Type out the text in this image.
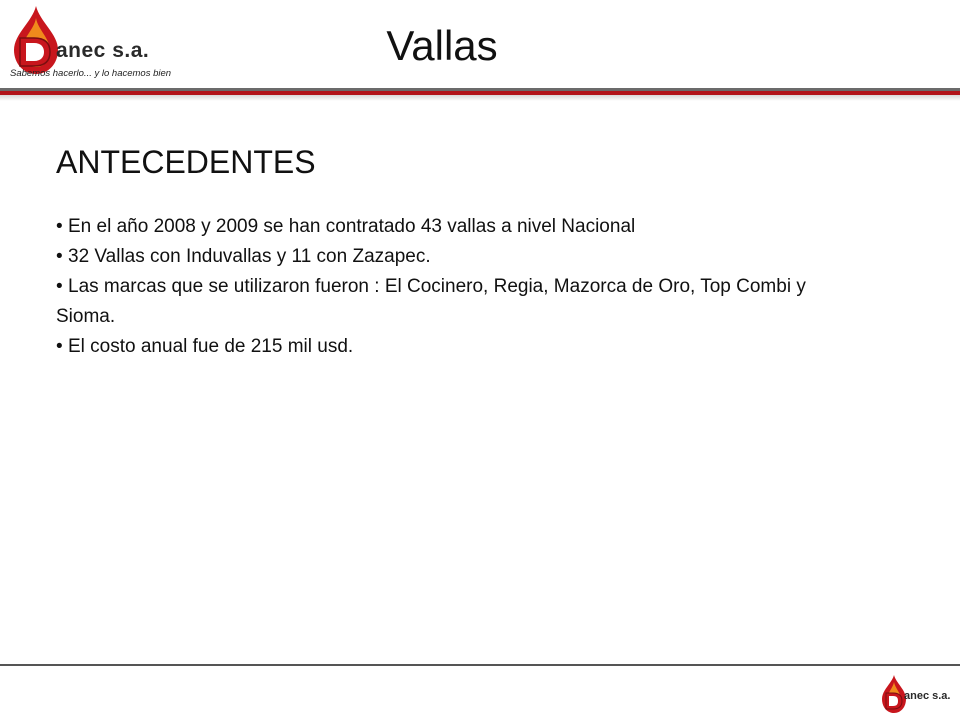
anec s.a.
Sabemos hacerlo... y lo hacemos bien
Vallas
ANTECEDENTES

• En el año 2008 y 2009 se han contratado 43 vallas a nivel Nacional

• 32 Vallas con Induvallas y 11 con Zazapec.

• Las marcas que se utilizaron fueron : El Cocinero, Regia, Mazorca de Oro, Top Combi y Sioma.

• El costo anual fue de 215 mil usd.

anec s.a.
